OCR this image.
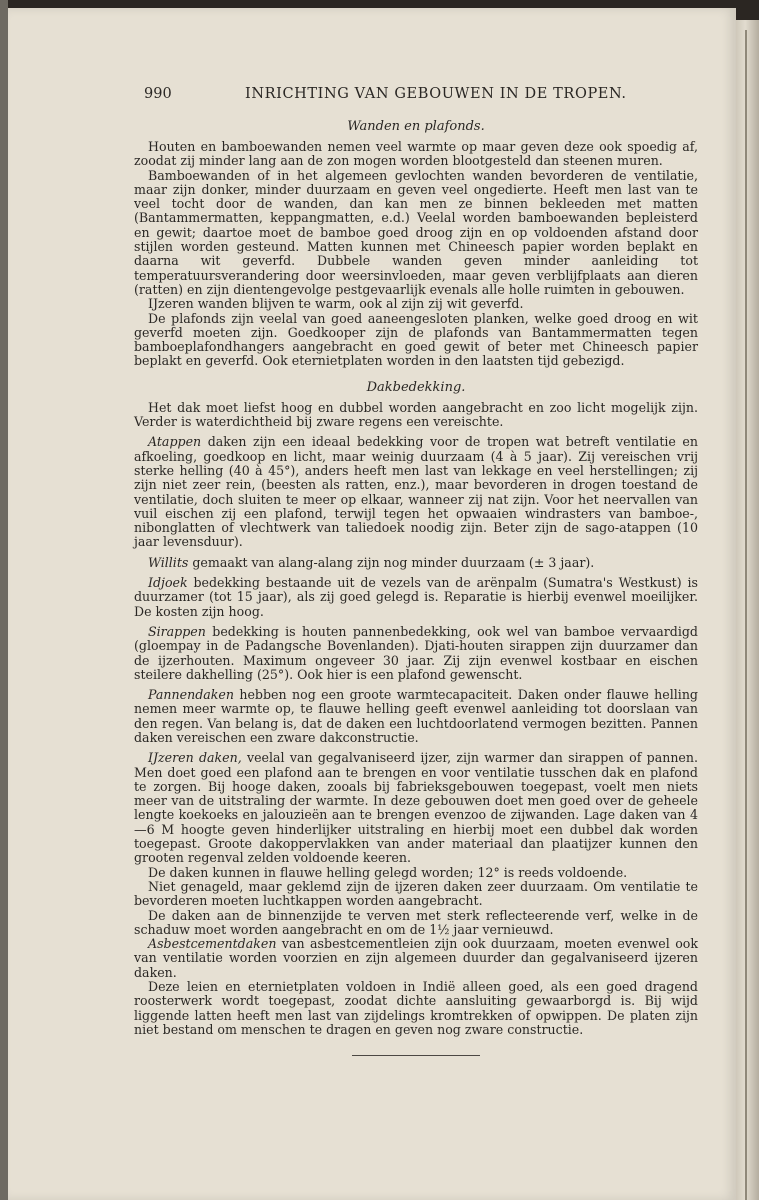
990	INRICHTING VAN GEBOUWEN IN DE TROPEN.
Wanden en plafonds.

Houten en bamboewanden nemen veel warmte op maar geven deze ook spoedig af, zoodat zij minder lang aan de zon mogen worden blootgesteld dan steenen muren.

Bamboewanden of in het algemeen gevlochten wanden bevorderen de ventilatie, maar zijn donker, minder duurzaam en geven veel ongedierte. Heeft men last van te veel tocht door de wanden, dan kan men ze binnen bekleeden met matten (Bantammermatten, keppangmatten, e.d.) Veelal worden bamboewanden bepleisterd en gewit; daartoe moet de bamboe goed droog zijn en op voldoenden afstand door stijlen worden gesteund. Matten kunnen met Chineesch papier worden beplakt en daarna wit geverfd. Dubbele wanden geven minder aanleiding tot temperatuursverandering door weersinvloeden, maar geven verblijfplaats aan dieren (ratten) en zijn dientengevolge pestgevaarlijk evenals alle holle ruimten in gebouwen.

IJzeren wanden blijven te warm, ook al zijn zij wit geverfd.

De plafonds zijn veelal van goed aaneengesloten planken, welke goed droog en wit geverfd moeten zijn. Goedkooper zijn de plafonds van Bantammermatten tegen bamboeplafondhangers aangebracht en goed gewit of beter met Chineesch papier beplakt en geverfd. Ook eternietplaten worden in den laatsten tijd gebezigd.

Dakbedekking.

Het dak moet liefst hoog en dubbel worden aangebracht en zoo licht mogelijk zijn. Verder is waterdichtheid bij zware regens een vereischte.

Atappen daken zijn een ideaal bedekking voor de tropen wat betreft ventilatie en afkoeling, goedkoop en licht, maar weinig duurzaam (4 à 5 jaar). Zij vereischen vrij sterke helling (40 à 45°), anders heeft men last van lekkage en veel herstellingen; zij zijn niet zeer rein, (beesten als ratten, enz.), maar bevorderen in drogen toestand de ventilatie, doch sluiten te meer op elkaar, wanneer zij nat zijn. Voor het neervallen van vuil eischen zij een plafond, terwijl tegen het opwaaien windrasters van bamboe-, nibonglatten of vlechtwerk van taliedoek noodig zijn. Beter zijn de sago-atappen (10 jaar levensduur).

Willits gemaakt van alang-alang zijn nog minder duurzaam (± 3 jaar).

Idjoek bedekking bestaande uit de vezels van de arënpalm (Sumatra's Westkust) is duurzamer (tot 15 jaar), als zij goed gelegd is. Reparatie is hierbij evenwel moeilijker. De kosten zijn hoog.

Sirappen bedekking is houten pannenbedekking, ook wel van bamboe vervaardigd (gloempay in de Padangsche Bovenlanden). Djati-houten sirappen zijn duurzamer dan de ijzerhouten. Maximum ongeveer 30 jaar. Zij zijn evenwel kostbaar en eischen steilere dakhelling (25°). Ook hier is een plafond gewenscht.

Pannendaken hebben nog een groote warmtecapaciteit. Daken onder flauwe helling nemen meer warmte op, te flauwe helling geeft evenwel aanleiding tot doorslaan van den regen. Van belang is, dat de daken een luchtdoorlatend vermogen bezitten. Pannen daken vereischen een zware dakconstructie.

IJzeren daken, veelal van gegalvaniseerd ijzer, zijn warmer dan sirappen of pannen. Men doet goed een plafond aan te brengen en voor ventilatie tusschen dak en plafond te zorgen. Bij hooge daken, zooals bij fabrieksgebouwen toegepast, voelt men niets meer van de uitstraling der warmte. In deze gebouwen doet men goed over de geheele lengte koekoeks en jalouzieën aan te brengen evenzoo de zijwanden. Lage daken van 4—6 M hoogte geven hinderlijker uitstraling en hierbij moet een dubbel dak worden toegepast. Groote dakoppervlakken van ander materiaal dan plaatijzer kunnen den grooten regenval zelden voldoende keeren.

De daken kunnen in flauwe helling gelegd worden; 12° is reeds voldoende.

Niet genageld, maar geklemd zijn de ijzeren daken zeer duurzaam. Om ventilatie te bevorderen moeten luchtkappen worden aangebracht.

De daken aan de binnenzijde te verven met sterk reflecteerende verf, welke in de schaduw moet worden aangebracht en om de 1½ jaar vernieuwd.

Asbestcementdaken van asbestcementleien zijn ook duurzaam, moeten evenwel ook van ventilatie worden voorzien en zijn algemeen duurder dan gegalvaniseerd ijzeren daken.

Deze leien en eternietplaten voldoen in Indië alleen goed, als een goed dragend roosterwerk wordt toegepast, zoodat dichte aansluiting gewaarborgd is. Bij wijd liggende latten heeft men last van zijdelings kromtrekken of opwippen. De platen zijn niet bestand om menschen te dragen en geven nog zware constructie.
